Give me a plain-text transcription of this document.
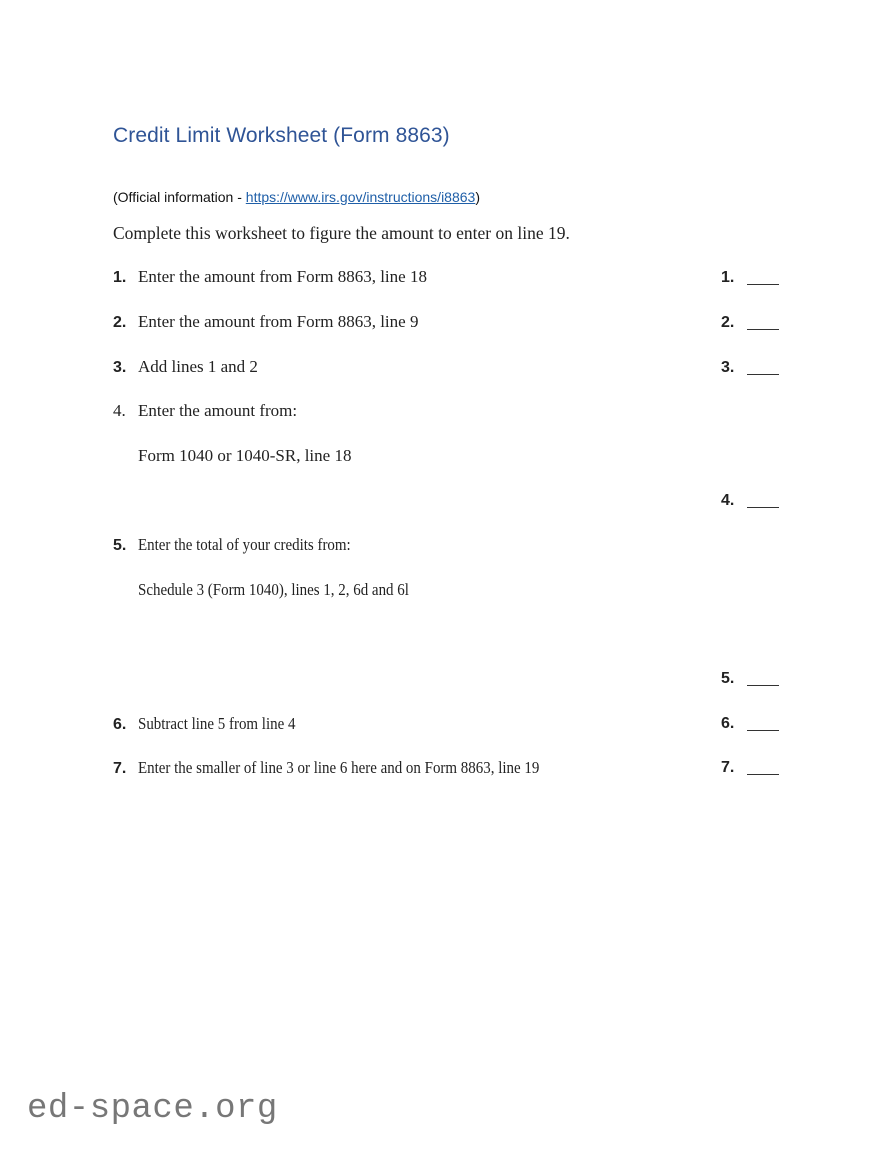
Credit Limit Worksheet (Form 8863)
(Official information - https://www.irs.gov/instructions/i8863)
Complete this worksheet to figure the amount to enter on line 19.
1. Enter the amount from Form 8863, line 18	1.
2. Enter the amount from Form 8863, line 9	2.
3. Add lines 1 and 2	3.
4. Enter the amount from:
Form 1040 or 1040-SR, line 18
4.
5. Enter the total of your credits from:
Schedule 3 (Form 1040), lines 1, 2, 6d and 6l
5.
6. Subtract line 5 from line 4	6.
7. Enter the smaller of line 3 or line 6 here and on Form 8863, line 19	7.
ed-space.org
